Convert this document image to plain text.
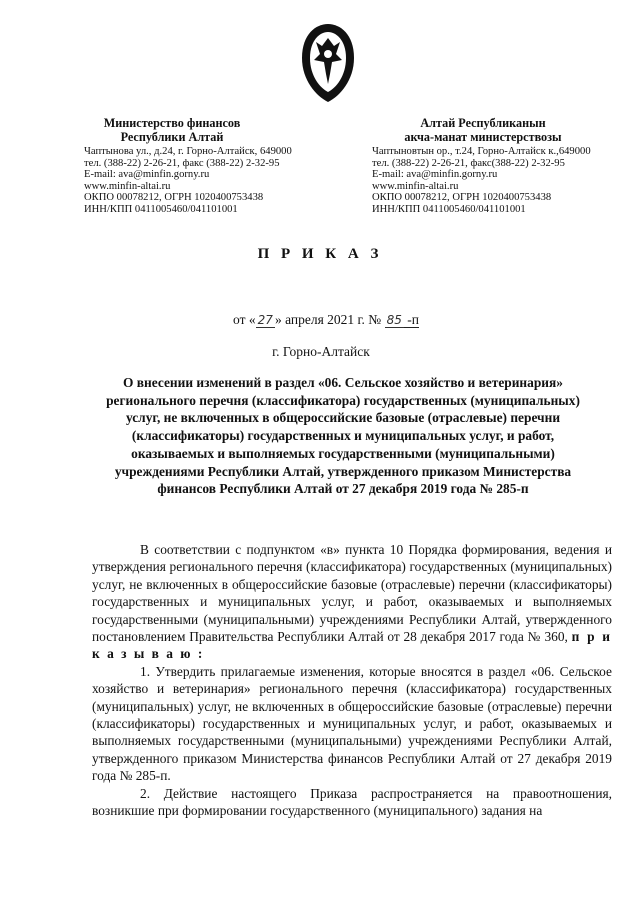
Министерство финансов
Республики Алтай
Чаптынова ул., д.24, г. Горно-Алтайск, 649000
тел. (388-22) 2-26-21, факс (388-22) 2-32-95
E-mail: ava@minfin.gorny.ru
www.minfin-altai.ru
ОКПО 00078212, ОГРН 1020400753438
ИНН/КПП 0411005460/041101001
Алтай Республиканын
акча-манат министерствозы
Чаптыновтын ор., т.24, Горно-Алтайск к.,649000
тел. (388-22) 2-26-21, факс(388-22) 2-32-95
E-mail: ava@minfin.gorny.ru
www.minfin-altai.ru
ОКПО 00078212, ОГРН 1020400753438
ИНН/КПП 0411005460/041101001
П Р И К А З
от « 27 » апреля 2021 г. № 85 -п
г. Горно-Алтайск
О внесении изменений в раздел «06. Сельское хозяйство и ветеринария» регионального перечня (классификатора) государственных (муниципальных) услуг, не включенных в общероссийские базовые (отраслевые) перечни (классификаторы) государственных и муниципальных услуг, и работ, оказываемых и выполняемых государственными (муниципальными) учреждениями Республики Алтай, утвержденного приказом Министерства финансов Республики Алтай от 27 декабря 2019 года № 285-п

В соответствии с подпунктом «в» пункта 10 Порядка формирования, ведения и утверждения регионального перечня (классификатора) государственных (муниципальных) услуг, не включенных в общероссийские базовые (отраслевые) перечни (классификаторы) государственных и муниципальных услуг, и работ, оказываемых и выполняемых государственными (муниципальными) учреждениями Республики Алтай, утвержденного постановлением Правительства Республики Алтай от 28 декабря 2017 года № 360, п р и к а з ы в а ю :

1. Утвердить прилагаемые изменения, которые вносятся в раздел «06. Сельское хозяйство и ветеринария» регионального перечня (классификатора) государственных (муниципальных) услуг, не включенных в общероссийские базовые (отраслевые) перечни (классификаторы) государственных и муниципальных услуг, и работ, оказываемых и выполняемых государственными (муниципальными) учреждениями Республики Алтай, утвержденного приказом Министерства финансов Республики Алтай от 27 декабря 2019 года № 285-п.

2. Действие настоящего Приказа распространяется на правоотношения, возникшие при формировании государственного (муниципального) задания на
